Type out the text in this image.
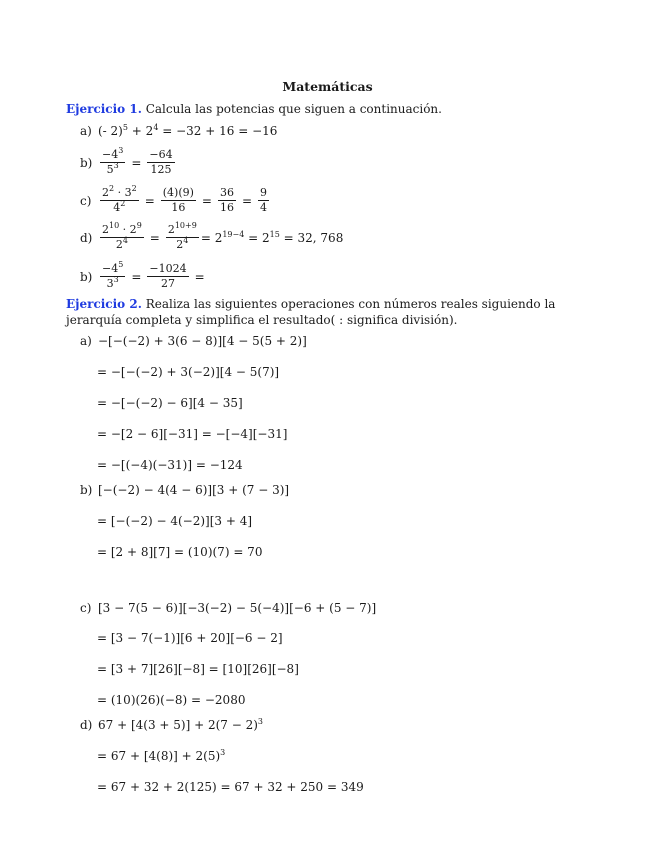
Matemáticas
Ejercicio 1. Calcula las potencias que siguen a continuación.
a) (- $2)^5 + 2^4 = -32 + 16 = -16$
$b) \frac{-4^3}{5^3} = \frac{-64}{125}$
$c) \frac{2^2 \cdot 3^2}{4^2} = \frac{(4)(9)}{16} = \frac{36}{16} = \frac{9}{4}$
$d) \frac{2^{10} \cdot 2^9}{2^4} = \frac{2^{10+9}}{2^4} = 2^{19-4} = 2^{15} = 32$, 768
$b) \frac{-4^5}{3^3} = \frac{-1024}{27}$ =
Ejercicio 2. Realiza las siguientes operaciones con números reales siguiendo la jerarquía completa y simplifica el resultado( : significa división).
a) −[−(−2) + 3(6 − 8)][4 − 5(5 + 2)]
= −[−(−2) + 3(−2)][4 − 5(7)]
= −[−(−2) − 6][4 − 35]
= −[2 − 6][−31] = −[−4][−31]
= −[(−4)(−31)] = −124
b) [−(−2) − 4(4 − 6)][3 + (7 − 3)]
= [−(−2) − 4(−2)][3 + 4]
= [2 + 8][7] = (10)(7) = 70
c) [3 − 7(5 − 6)][−3(−2) − 5(−4)][−6 + (5 − 7)]
= [3 − 7(−1)][6 + 20][−6 − 2]
= [3 + 7][26][−8] = [10][26][−8]
= (10)(26)(−8) = −2080
d) $67 + [4(3 + 5)] + 2(7 - 2)^3$
= $67 + [4(8)] + 2(5)^3$
= 67 + 32 + 2(125) = 67 + 32 + 250 = 349
